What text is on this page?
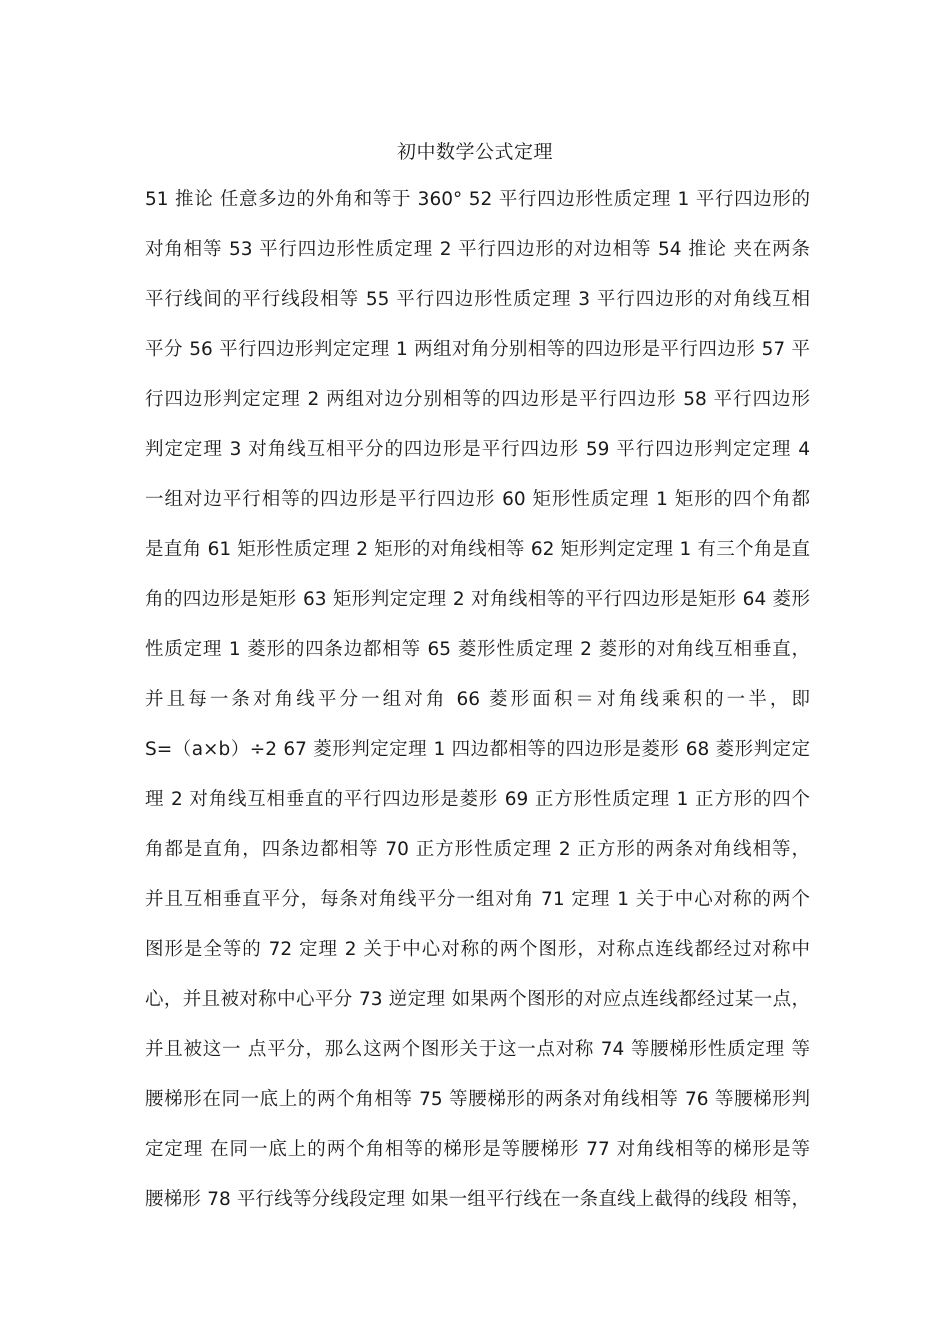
初中数学公式定理
51 推论 任意多边的外角和等于 360° 52 平行四边形性质定理 1 平行四边形的
对角相等 53 平行四边形性质定理 2 平行四边形的对边相等 54 推论 夹在两条
平行线间的平行线段相等 55 平行四边形性质定理 3 平行四边形的对角线互相
平分 56 平行四边形判定定理 1 两组对角分别相等的四边形是平行四边形 57 平
行四边形判定定理 2 两组对边分别相等的四边形是平行四边形 58 平行四边形
判定定理 3 对角线互相平分的四边形是平行四边形 59 平行四边形判定定理 4
一组对边平行相等的四边形是平行四边形 60 矩形性质定理 1 矩形的四个角都
是直角 61 矩形性质定理 2 矩形的对角线相等 62 矩形判定定理 1 有三个角是直
角的四边形是矩形 63 矩形判定定理 2 对角线相等的平行四边形是矩形 64 菱形
性质定理 1 菱形的四条边都相等 65 菱形性质定理 2 菱形的对角线互相垂直，
并且每一条对角线平分一组对角 66 菱形面积＝对角线乘积的一半，即
S=（a×b）÷2 67 菱形判定定理 1 四边都相等的四边形是菱形 68 菱形判定定
理 2 对角线互相垂直的平行四边形是菱形 69 正方形性质定理 1 正方形的四个
角都是直角，四条边都相等 70 正方形性质定理 2 正方形的两条对角线相等，
并且互相垂直平分，每条对角线平分一组对角 71 定理 1 关于中心对称的两个
图形是全等的 72 定理 2 关于中心对称的两个图形，对称点连线都经过对称中
心，并且被对称中心平分 73 逆定理 如果两个图形的对应点连线都经过某一点，
并且被这一 点平分，那么这两个图形关于这一点对称 74 等腰梯形性质定理 等
腰梯形在同一底上的两个角相等 75 等腰梯形的两条对角线相等 76 等腰梯形判
定定理 在同一底上的两个角相等的梯形是等腰梯形 77 对角线相等的梯形是等
腰梯形 78 平行线等分线段定理 如果一组平行线在一条直线上截得的线段 相等，
